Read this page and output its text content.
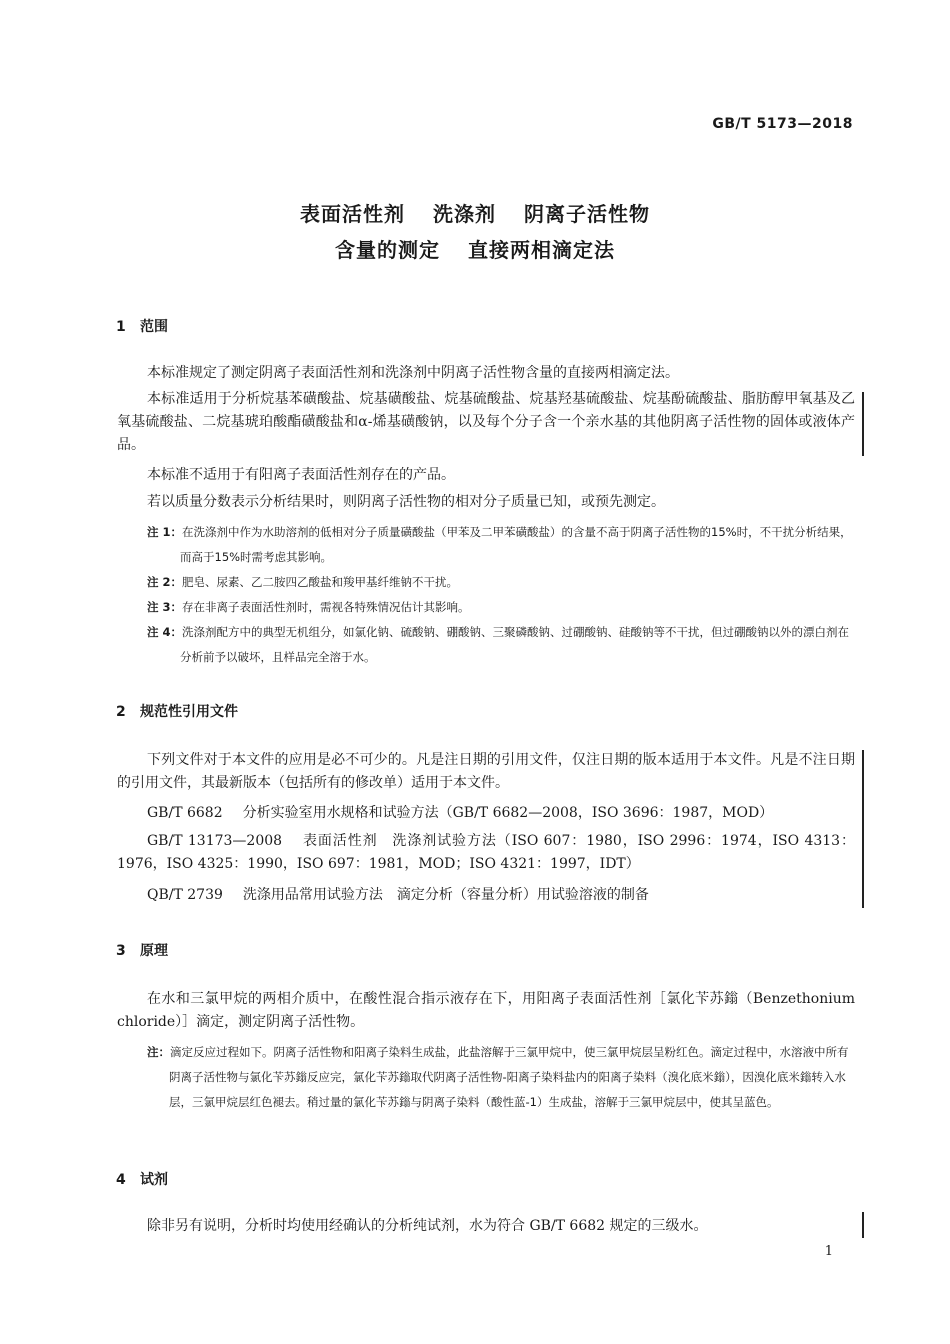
GB/T 5173—2018
表面活性剂 洗涤剂 阴离子活性物
含量的测定 直接两相滴定法
1 范围
本标准规定了测定阴离子表面活性剂和洗涤剂中阴离子活性物含量的直接两相滴定法。
本标准适用于分析烷基苯磺酸盐、烷基磺酸盐、烷基硫酸盐、烷基羟基硫酸盐、烷基酚硫酸盐、脂肪醇甲氧基及乙氧基硫酸盐、二烷基琥珀酸酯磺酸盐和α-烯基磺酸钠，以及每个分子含一个亲水基的其他阴离子活性物的固体或液体产品。
本标准不适用于有阳离子表面活性剂存在的产品。
若以质量分数表示分析结果时，则阴离子活性物的相对分子质量已知，或预先测定。
注 1：在洗涤剂中作为水助溶剂的低相对分子质量磺酸盐（甲苯及二甲苯磺酸盐）的含量不高于阴离子活性物的15%时，不干扰分析结果，而高于15%时需考虑其影响。
注 2：肥皂、尿素、乙二胺四乙酸盐和羧甲基纤维钠不干扰。
注 3：存在非离子表面活性剂时，需视各特殊情况估计其影响。
注 4：洗涤剂配方中的典型无机组分，如氯化钠、硫酸钠、硼酸钠、三聚磷酸钠、过硼酸钠、硅酸钠等不干扰，但过硼酸钠以外的漂白剂在分析前予以破坏，且样品完全溶于水。
2 规范性引用文件
下列文件对于本文件的应用是必不可少的。凡是注日期的引用文件，仅注日期的版本适用于本文件。凡是不注日期的引用文件，其最新版本（包括所有的修改单）适用于本文件。
GB/T 6682 分析实验室用水规格和试验方法（GB/T 6682—2008，ISO 3696：1987，MOD）
GB/T 13173—2008 表面活性剂　洗涤剂试验方法（ISO 607：1980，ISO 2996：1974，ISO 4313：1976，ISO 4325：1990，ISO 697：1981，MOD；ISO 4321：1997，IDT）
QB/T 2739 洗涤用品常用试验方法　滴定分析（容量分析）用试验溶液的制备
3 原理
在水和三氯甲烷的两相介质中，在酸性混合指示液存在下，用阳离子表面活性剂［氯化苄苏鎓（Benzethonium chloride）］滴定，测定阴离子活性物。
注：滴定反应过程如下。阴离子活性物和阳离子染料生成盐，此盐溶解于三氯甲烷中，使三氯甲烷层呈粉红色。滴定过程中，水溶液中所有阴离子活性物与氯化苄苏鎓反应完，氯化苄苏鎓取代阴离子活性物-阳离子染料盐内的阳离子染料（溴化底米鎓），因溴化底米鎓转入水层，三氯甲烷层红色褪去。稍过量的氯化苄苏鎓与阴离子染料（酸性蓝-1）生成盐，溶解于三氯甲烷层中，使其呈蓝色。
4 试剂
除非另有说明，分析时均使用经确认的分析纯试剂，水为符合 GB/T 6682 规定的三级水。
1
